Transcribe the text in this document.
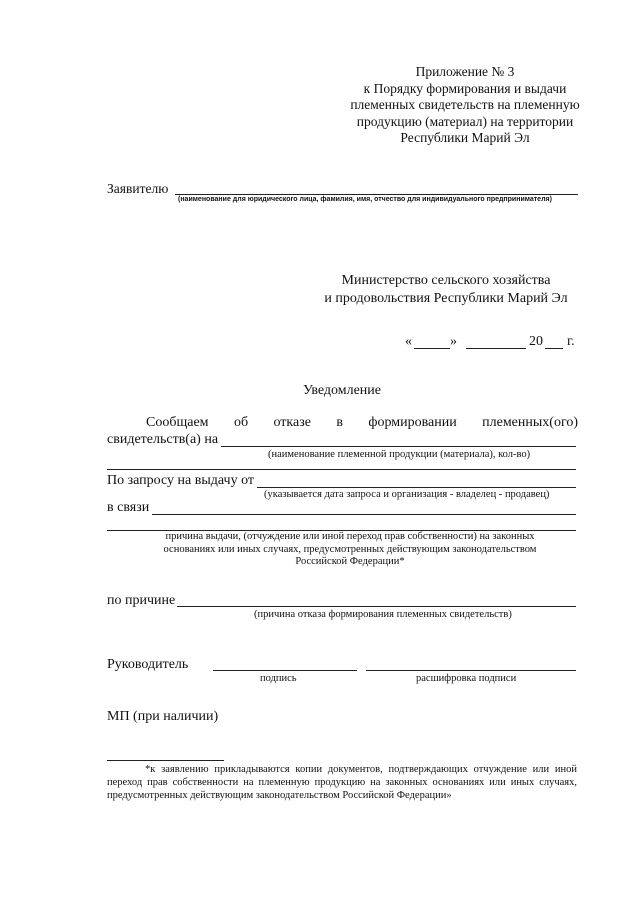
Приложение № 3
к Порядку формирования и выдачи
племенных свидетельств на племенную
продукцию (материал) на территории
Республики Марий Эл
Заявителю
(наименование для юридического лица, фамилия, имя, отчество для индивидуального предпринимателя)
Министерство сельского хозяйства
и продовольствия Республики Марий Эл
«	»	20 г.
Уведомление
Сообщаем об отказе в формировании племенных(ого)
свидетельств(а) на
(наименование племенной продукции (материала), кол-во)
По запросу на выдачу от
(указывается дата запроса и организация - владелец - продавец)
в связи
причина выдачи, (отчуждение или иной переход прав собственности) на законных
основаниях или иных случаях, предусмотренных действующим законодательством
Российской Федерации*
по причине
(причина отказа формирования племенных свидетельств)
Руководитель
подпись	расшифровка подписи
МП (при наличии)
*к заявлению прикладываются копии документов, подтверждающих отчуждение или иной переход прав собственности на племенную продукцию на законных основаниях или иных случаях, предусмотренных действующим законодательством Российской Федерации»
